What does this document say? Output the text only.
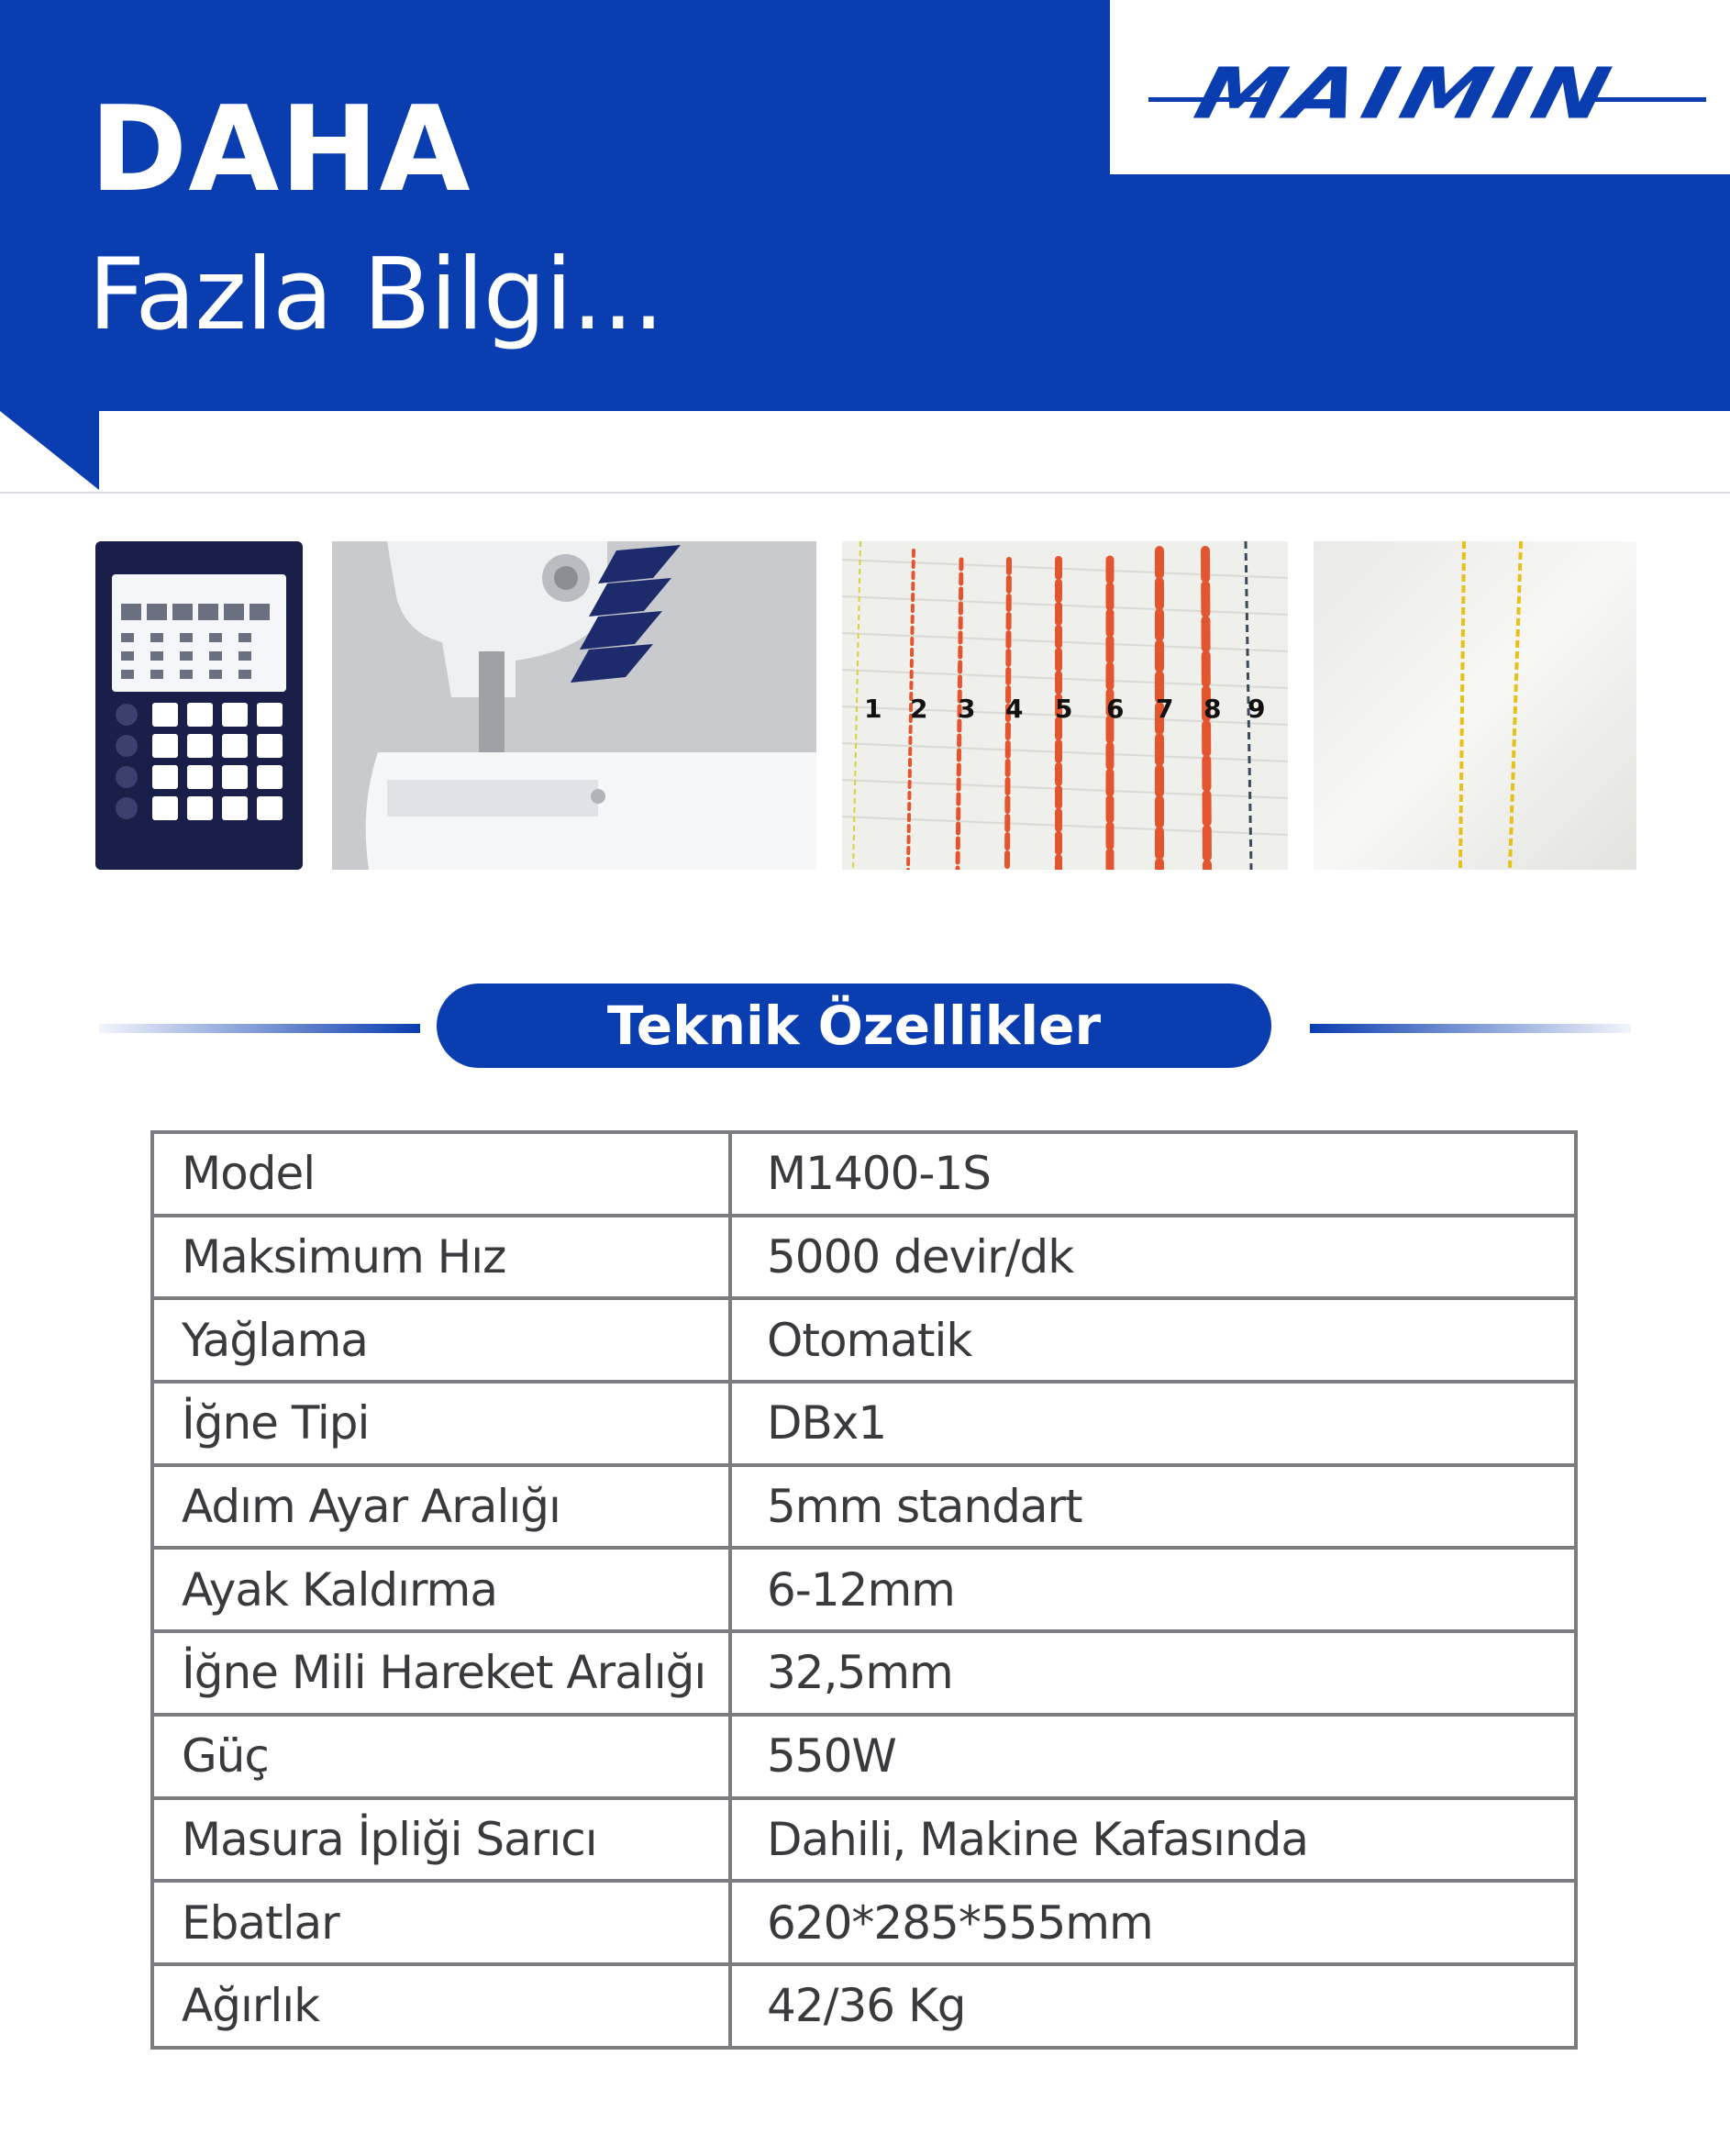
DAHA
Fazla Bilgi...
MAIMIN
1 2 3 4 5 6 7 8 9
Teknik Özellikler
Model	M1400-1S
Maksimum Hız	5000 devir/dk
Yağlama	Otomatik
İğne Tipi	DBx1
Adım Ayar Aralığı	5mm standart
Ayak Kaldırma	6-12mm
İğne Mili Hareket Aralığı	32,5mm
Güç	550W
Masura İpliği Sarıcı	Dahili, Makine Kafasında
Ebatlar	620*285*555mm
Ağırlık	42/36 Kg
